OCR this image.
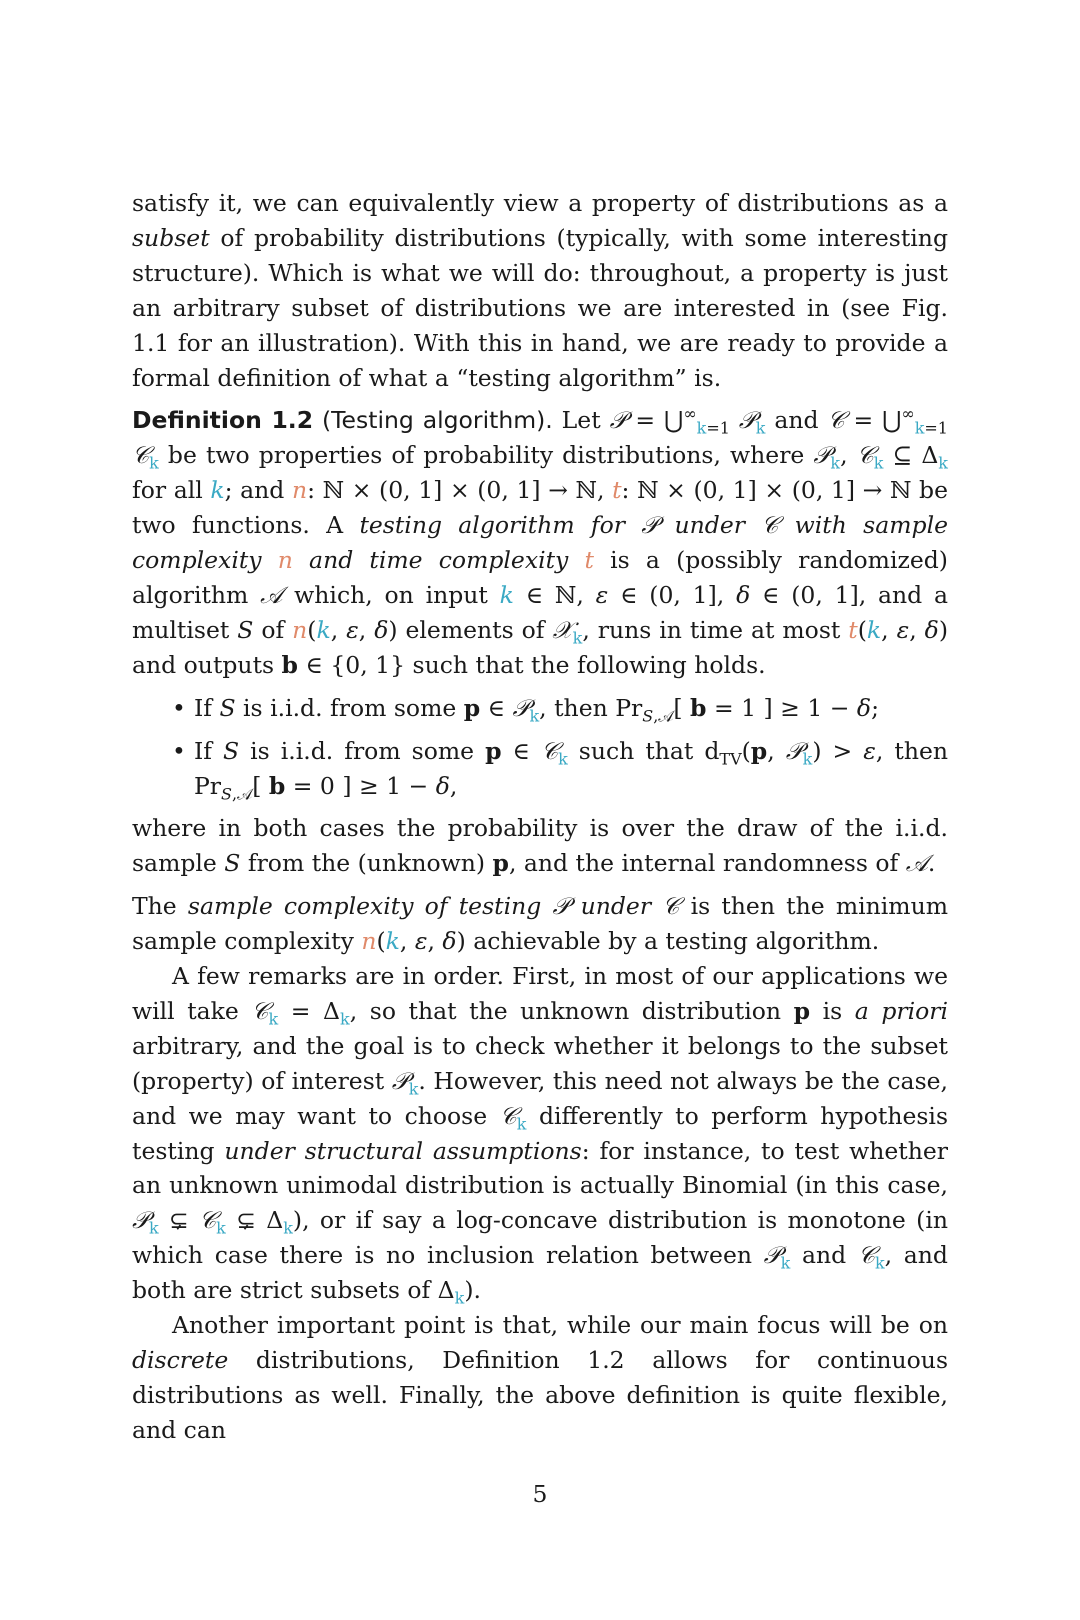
satisfy it, we can equivalently view a property of distributions as a subset of probability distributions (typically, with some interesting structure). Which is what we will do: throughout, a property is just an arbitrary subset of distributions we are interested in (see Fig. 1.1 for an illustration). With this in hand, we are ready to provide a formal definition of what a “testing algorithm” is.

Definition 1.2 (Testing algorithm). Let 𝒫 = $⋃^\infty_{k=1}$ 𝒫$_k$ and 𝒞 = $⋃^\infty_{k=1}$ 𝒞$_k$ be two properties of probability distributions, where 𝒫$_k$, 𝒞$_k$ ⊆ $\Delta_k$ for all k; and n: ℕ × (0, 1] × (0, 1] → ℕ, t: ℕ × (0, 1] × (0, 1] → ℕ be two functions. A testing algorithm for 𝒫 under 𝒞 with sample complexity n and time complexity t is a (possibly randomized) algorithm 𝒜 which, on input k ∈ ℕ, ε ∈ (0, 1], δ ∈ (0, 1], and a multiset S of n(k, ε, δ) elements of 𝒳$_k$, runs in time at most t(k, ε, δ) and outputs b ∈ {0, 1} such that the following holds.

• If S is i.i.d. from some p ∈ 𝒫$_k$, then $Pr_{S,𝒜}$[ b = 1 ] ≥ 1 − δ;
• If S is i.i.d. from some p ∈ 𝒞$_k$ such that $d_{TV}(p$, 𝒫$_k$) > ε, then $Pr_{S,𝒜}$[ b = 0 ] ≥ 1 − δ,

where in both cases the probability is over the draw of the i.i.d. sample S from the (unknown) p, and the internal randomness of 𝒜.

The sample complexity of testing 𝒫 under 𝒞 is then the minimum sample complexity n(k, ε, δ) achievable by a testing algorithm.

A few remarks are in order. First, in most of our applications we will take 𝒞$_k$ = $\Delta_k$, so that the unknown distribution p is a priori arbitrary, and the goal is to check whether it belongs to the subset (property) of interest 𝒫$_k$. However, this need not always be the case, and we may want to choose 𝒞$_k$ differently to perform hypothesis testing under structural assumptions: for instance, to test whether an unknown unimodal distribution is actually Binomial (in this case, 𝒫$_k$ ⊊ 𝒞$_k$ ⊊ $\Delta_k$), or if say a log-concave distribution is monotone (in which case there is no inclusion relation between 𝒫$_k$ and 𝒞$_k$, and both are strict subsets of $\Delta_k$).

Another important point is that, while our main focus will be on discrete distributions, Definition 1.2 allows for continuous distributions as well. Finally, the above definition is quite flexible, and can

5
